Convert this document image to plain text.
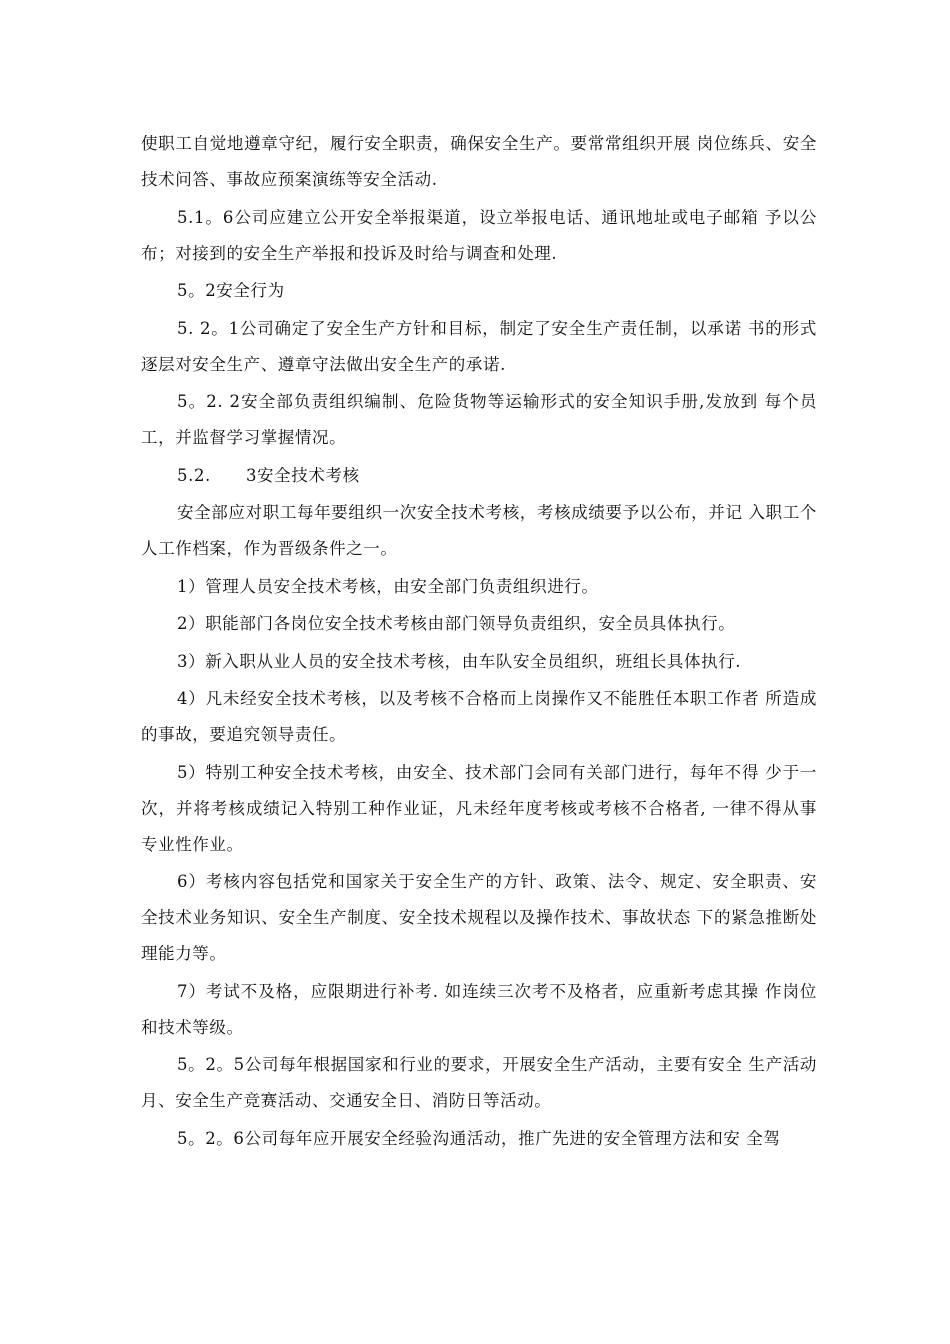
使职工自觉地遵章守纪，履行安全职责，确保安全生产。要常常组织开展 岗位练兵、安全技术问答、事故应预案演练等安全活动.

5.1。6公司应建立公开安全举报渠道，设立举报电话、通讯地址或电子邮箱 予以公布；对接到的安全生产举报和投诉及时给与调查和处理.

5。2安全行为

5. 2。1公司确定了安全生产方针和目标，制定了安全生产责任制，以承诺 书的形式逐层对安全生产、遵章守法做出安全生产的承诺.

5。2. 2安全部负责组织编制、危险货物等运输形式的安全知识手册,发放到 每个员工，并监督学习掌握情况。

5.2.      3安全技术考核

安全部应对职工每年要组织一次安全技术考核，考核成绩要予以公布，并记 入职工个人工作档案，作为晋级条件之一。

1）管理人员安全技术考核，由安全部门负责组织进行。

2）职能部门各岗位安全技术考核由部门领导负责组织，安全员具体执行。

3）新入职从业人员的安全技术考核，由车队安全员组织，班组长具体执行.

4）凡未经安全技术考核，以及考核不合格而上岗操作又不能胜任本职工作者 所造成的事故，要追究领导责任。

5）特别工种安全技术考核，由安全、技术部门会同有关部门进行，每年不得 少于一次，并将考核成绩记入特别工种作业证，凡未经年度考核或考核不合格者, 一律不得从事专业性作业。

6）考核内容包括党和国家关于安全生产的方针、政策、法令、规定、安全职责、安全技术业务知识、安全生产制度、安全技术规程以及操作技术、事故状态 下的紧急推断处理能力等。

7）考试不及格，应限期进行补考. 如连续三次考不及格者，应重新考虑其操 作岗位和技术等级。

5。2。5公司每年根据国家和行业的要求，开展安全生产活动，主要有安全 生产活动月、安全生产竞赛活动、交通安全日、消防日等活动。

5。2。6公司每年应开展安全经验沟通活动，推广先进的安全管理方法和安 全驾
